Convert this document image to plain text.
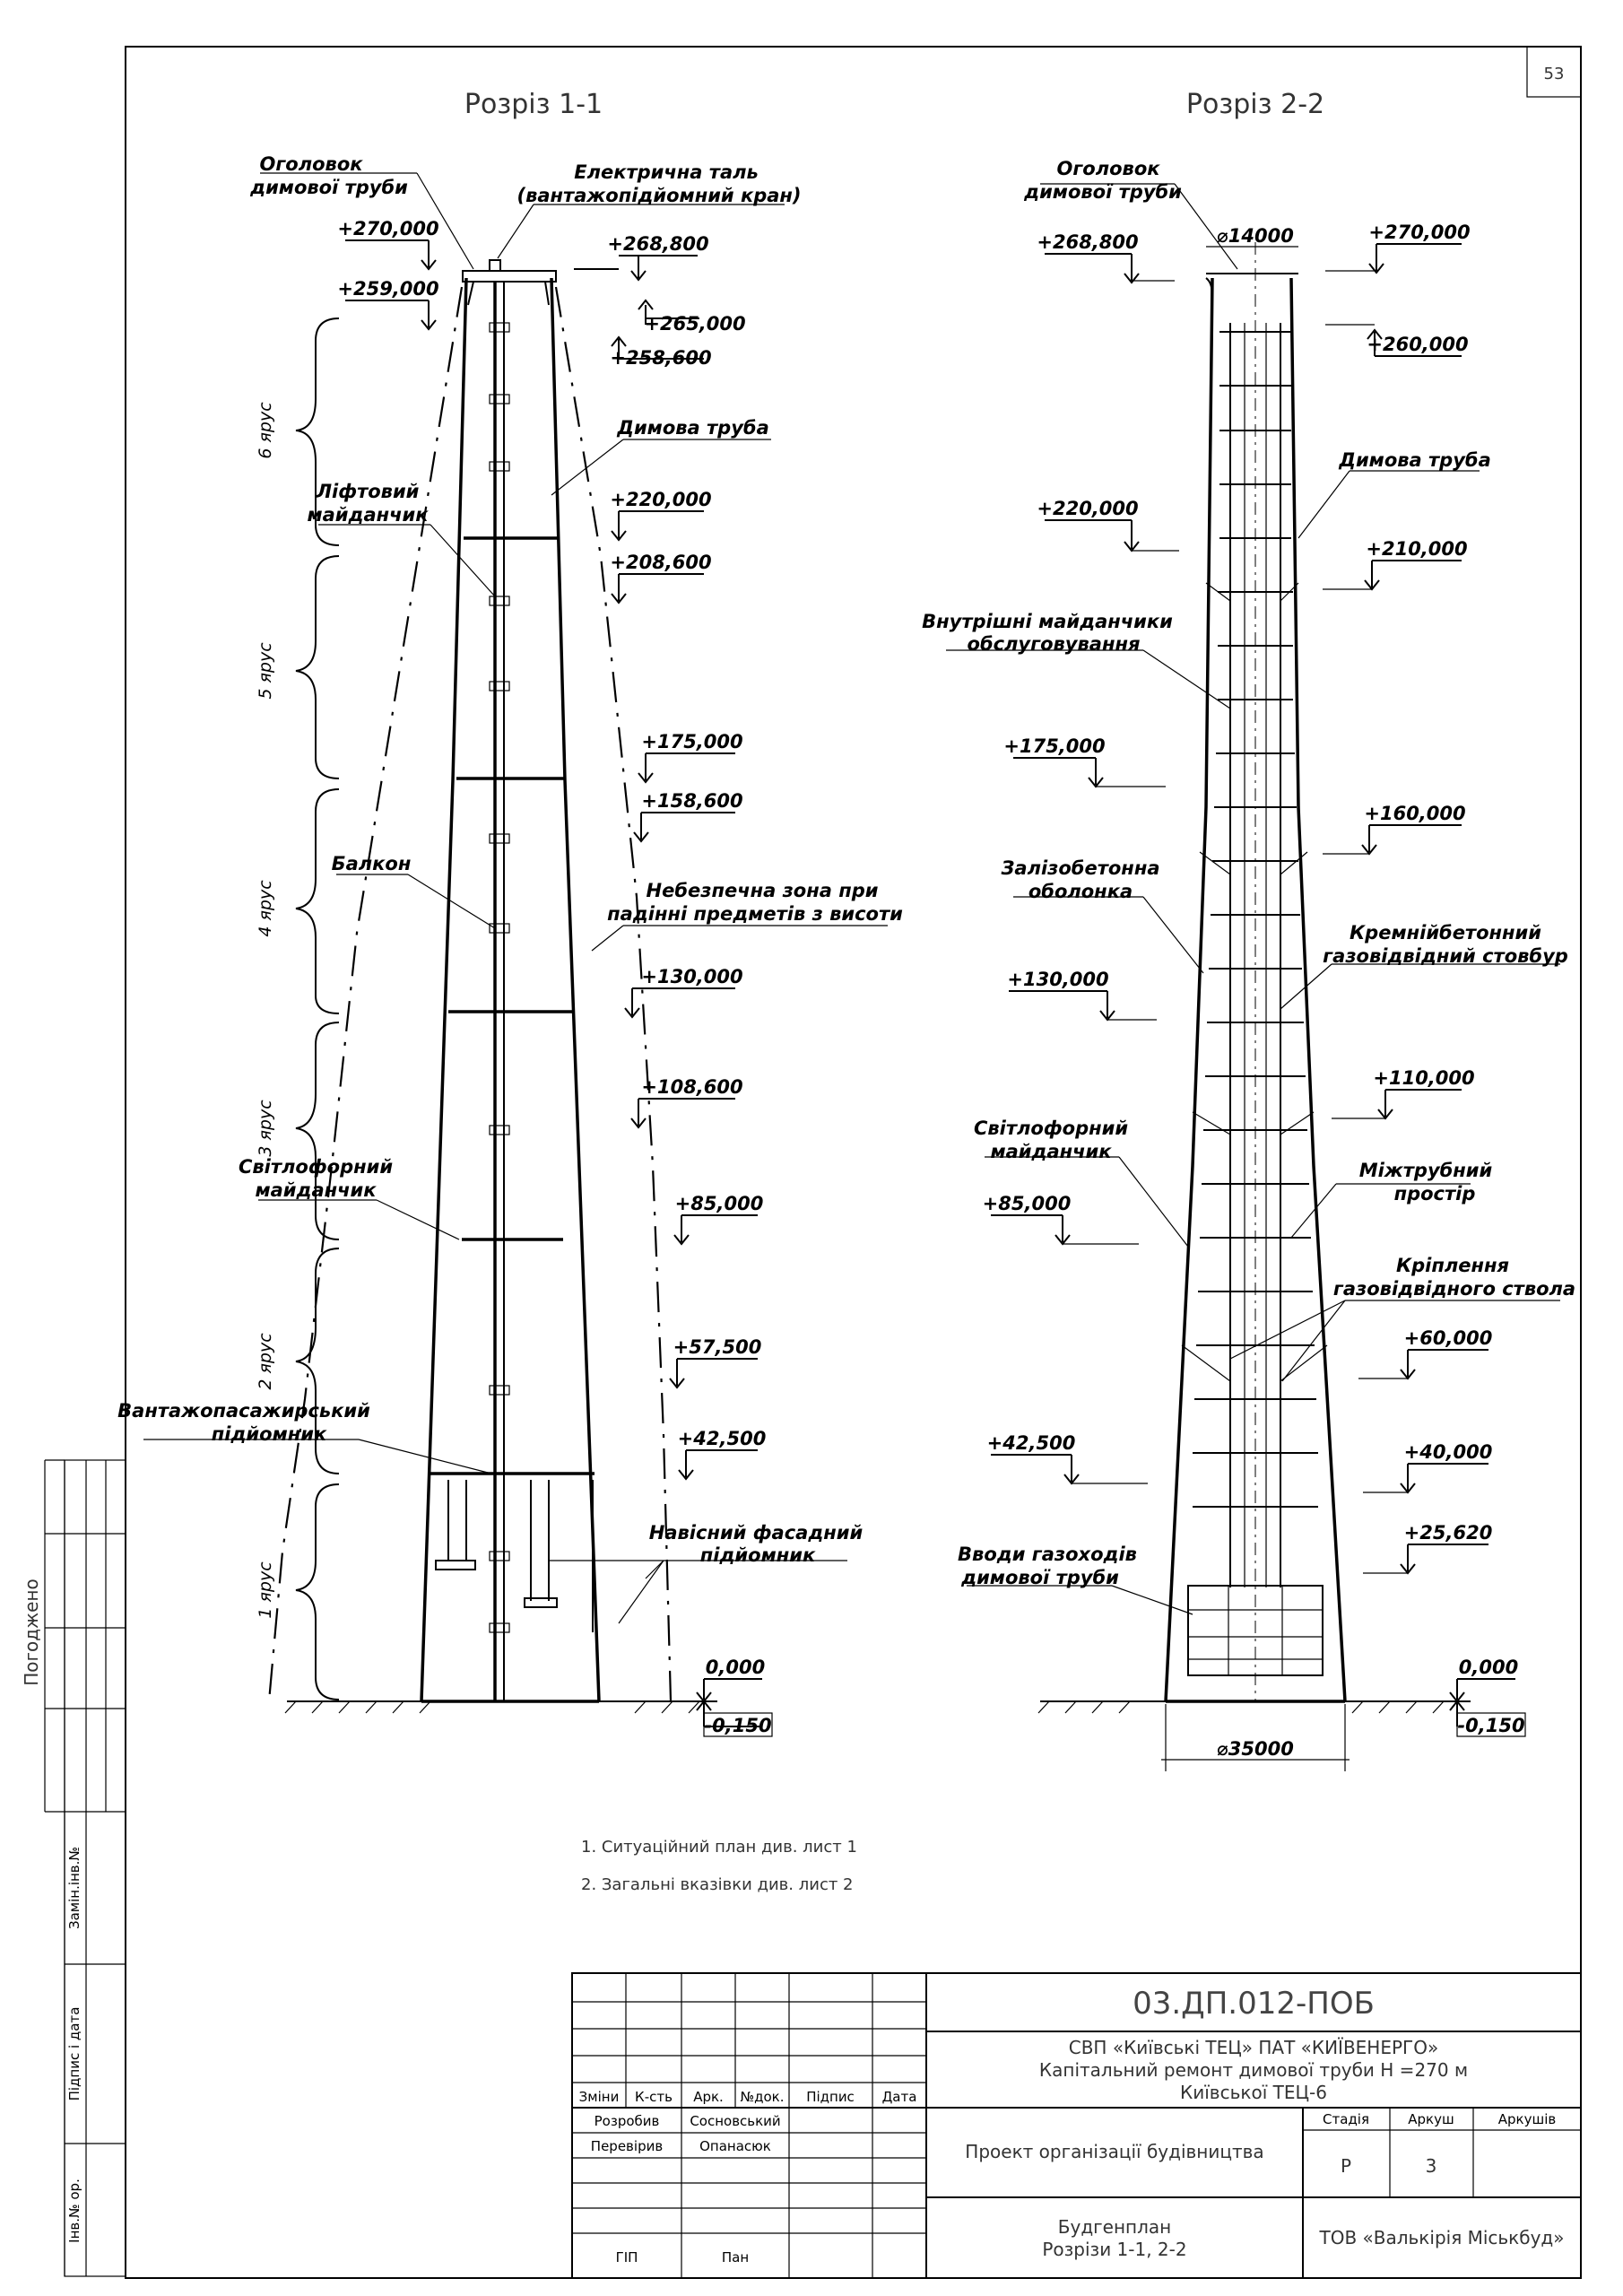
53
Погоджено
Замін.інв.№
Підпис і дата
Інв.№ ор.
Розріз 1-1
6 ярус
5 ярус
4 ярус
3 ярус
2 ярус
1 ярус
+270,000
+259,000
+268,800
+265,000
+258,600
+220,000
+208,600
+175,000
+158,600
+130,000
+108,600
+85,000
+57,500
+42,500
0,000
-0,150
Оголовок
димової труби
Електрична таль
(вантажопідйомний кран)
Димова труба
Ліфтовий
майданчик
Балкон
Небезпечна зона при
падінні предметів з висоти
Світлофорний
майданчик
Вантажопасажирський
підйомник
Навісний фасадний
підйомник
Розріз 2-2
⌀14000
⌀35000
+268,800	+270,000
+260,000
+220,000
+210,000
+175,000
+160,000
+130,000
+110,000
+85,000
+60,000
+42,500	+40,000
+25,620
0,000
-0,150
Оголовок
димової труби
Димова труба
Внутрішні майданчики
обслуговування
Залізобетонна
оболонка
Кремнійбетонний
газовідвідний стовбур
Світлофорний
майданчик
Міжтрубний
простір
Кріплення
газовідвідного ствола
Вводи газоходів
димової труби
1. Ситуаційний план див. лист 1
2. Загальні вказівки див. лист 2
Зміни К-сть Арк. №док. Підпис Дата
Розробив Сосновський
Перевірив	Опанасюк
ГІП	Пан
03.ДП.012-ПОБ
СВП «Київські ТЕЦ» ПАТ «КИЇВЕНЕРГО»
Капітальний ремонт димової труби Н =270 м
Київської ТЕЦ-6
Проект організації будівництва
Будгенплан
Розрізи 1-1, 2-2
ТОВ «Валькірія Міськбуд»
Стадія	Аркуш	Аркушів
Р	3
